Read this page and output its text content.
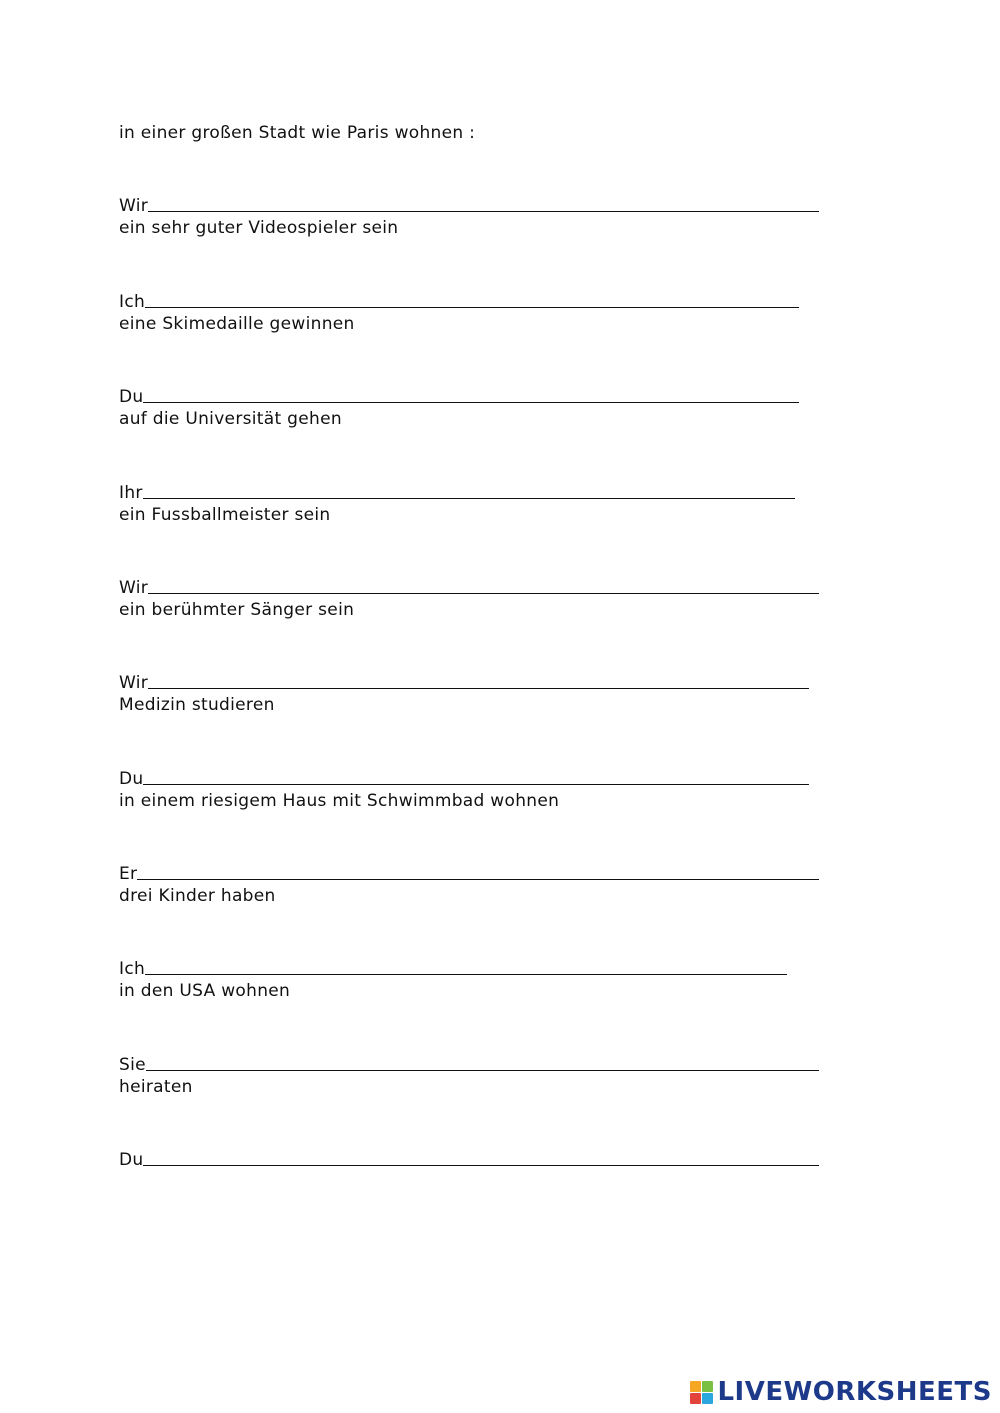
in einer großen Stadt wie Paris wohnen :
Wir
ein sehr guter Videospieler sein
Ich
eine Skimedaille gewinnen
Du
auf die Universität gehen
Ihr
ein Fussballmeister sein
Wir
ein berühmter Sänger sein
Wir
Medizin studieren
Du
in einem riesigem Haus mit Schwimmbad wohnen
Er
drei Kinder haben
Ich
in den USA wohnen
Sie
heiraten
Du
LIVEWORKSHEETS
